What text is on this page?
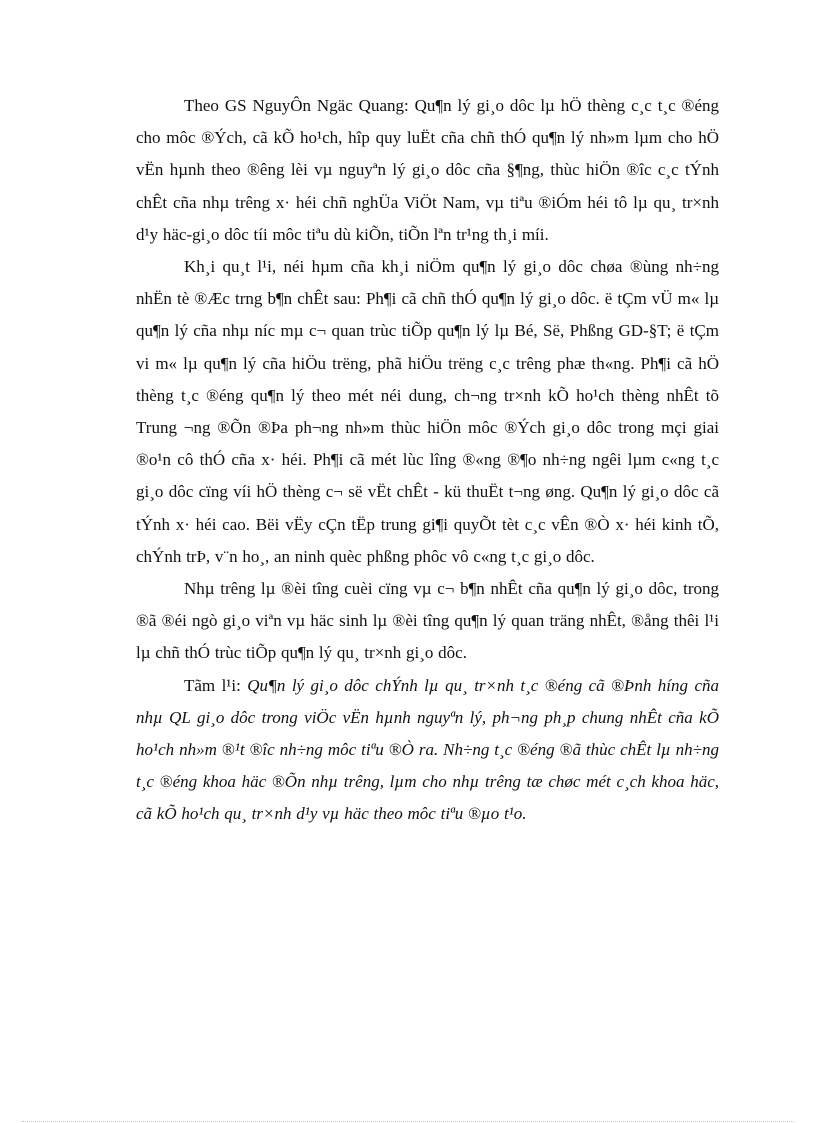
Theo GS NguyÔn Ngäc Quang: Qu¶n lý gi¸o dôc lµ hÖ thèng c¸c t¸c ®éng cho môc ®Ých, cã kÕ ho¹ch, hîp quy luËt cña chñ thÓ qu¶n lý nh»m lµm cho hÖ vËn hµnh theo ®êng lèi vµ nguyªn lý gi¸o dôc cña §¶ng, thùc hiÖn ®îc c¸c tÝnh chÊt cña nhµ trêng x· héi chñ nghÜa ViÖt Nam, vµ tiªu ®iÓm héi tô lµ qu¸ tr×nh d¹y häc-gi¸o dôc tíi môc tiªu dù kiÕn, tiÕn lªn tr¹ng th¸i míi.

Kh¸i qu¸t l¹i, néi hµm cña kh¸i niÖm qu¶n lý gi¸o dôc chøa ®ùng nh÷ng nhËn tè ®Æc trng b¶n chÊt sau: Ph¶i cã chñ thÓ qu¶n lý gi¸o dôc. ë tÇm vÜ m« lµ qu¶n lý cña nhµ níc mµ c¬ quan trùc tiÕp qu¶n lý lµ Bé, Së, Phßng GD-§T; ë tÇm vi m« lµ qu¶n lý cña hiÖu trëng, phã hiÖu trëng c¸c trêng phæ th«ng. Ph¶i cã hÖ thèng t¸c ®éng qu¶n lý theo mét néi dung, ch¬ng tr×nh kÕ ho¹ch thèng nhÊt tõ Trung ¬ng ®Õn ®Þa ph¬ng nh»m thùc hiÖn môc ®Ých gi¸o dôc trong mçi giai ®o¹n cô thÓ cña x· héi. Ph¶i cã mét lùc lîng ®«ng ®¶o nh÷ng ngêi lµm c«ng t¸c gi¸o dôc cïng víi hÖ thèng c¬ së vËt chÊt - kü thuËt t¬ng øng. Qu¶n lý gi¸o dôc cã tÝnh x· héi cao. Bëi vËy cÇn tËp trung gi¶i quyÕt tèt c¸c vÊn ®Ò x· héi kinh tÕ, chÝnh trÞ, v¨n ho¸, an ninh quèc phßng phôc vô c«ng t¸c gi¸o dôc.

Nhµ trêng lµ ®èi tîng cuèi cïng vµ c¬ b¶n nhÊt cña qu¶n lý gi¸o dôc, trong ®ã ®éi ngò gi¸o viªn vµ häc sinh lµ ®èi tîng qu¶n lý quan träng nhÊt, ®ång thêi l¹i lµ chñ thÓ trùc tiÕp qu¶n lý qu¸ tr×nh gi¸o dôc.

Tãm l¹i: Qu¶n lý gi¸o dôc chÝnh lµ qu¸ tr×nh t¸c ®éng cã ®Þnh híng cña nhµ QL gi¸o dôc trong viÖc vËn hµnh nguyªn lý, ph¬ng ph¸p chung nhÊt cña kÕ ho¹ch nh»m ®¹t ®îc nh÷ng môc tiªu ®Ò ra. Nh÷ng t¸c ®éng ®ã thùc chÊt lµ nh÷ng t¸c ®éng khoa häc ®Õn nhµ trêng, lµm cho nhµ trêng tæ chøc mét c¸ch khoa häc, cã kÕ ho¹ch qu¸ tr×nh d¹y vµ häc theo môc tiªu ®µo t¹o.
